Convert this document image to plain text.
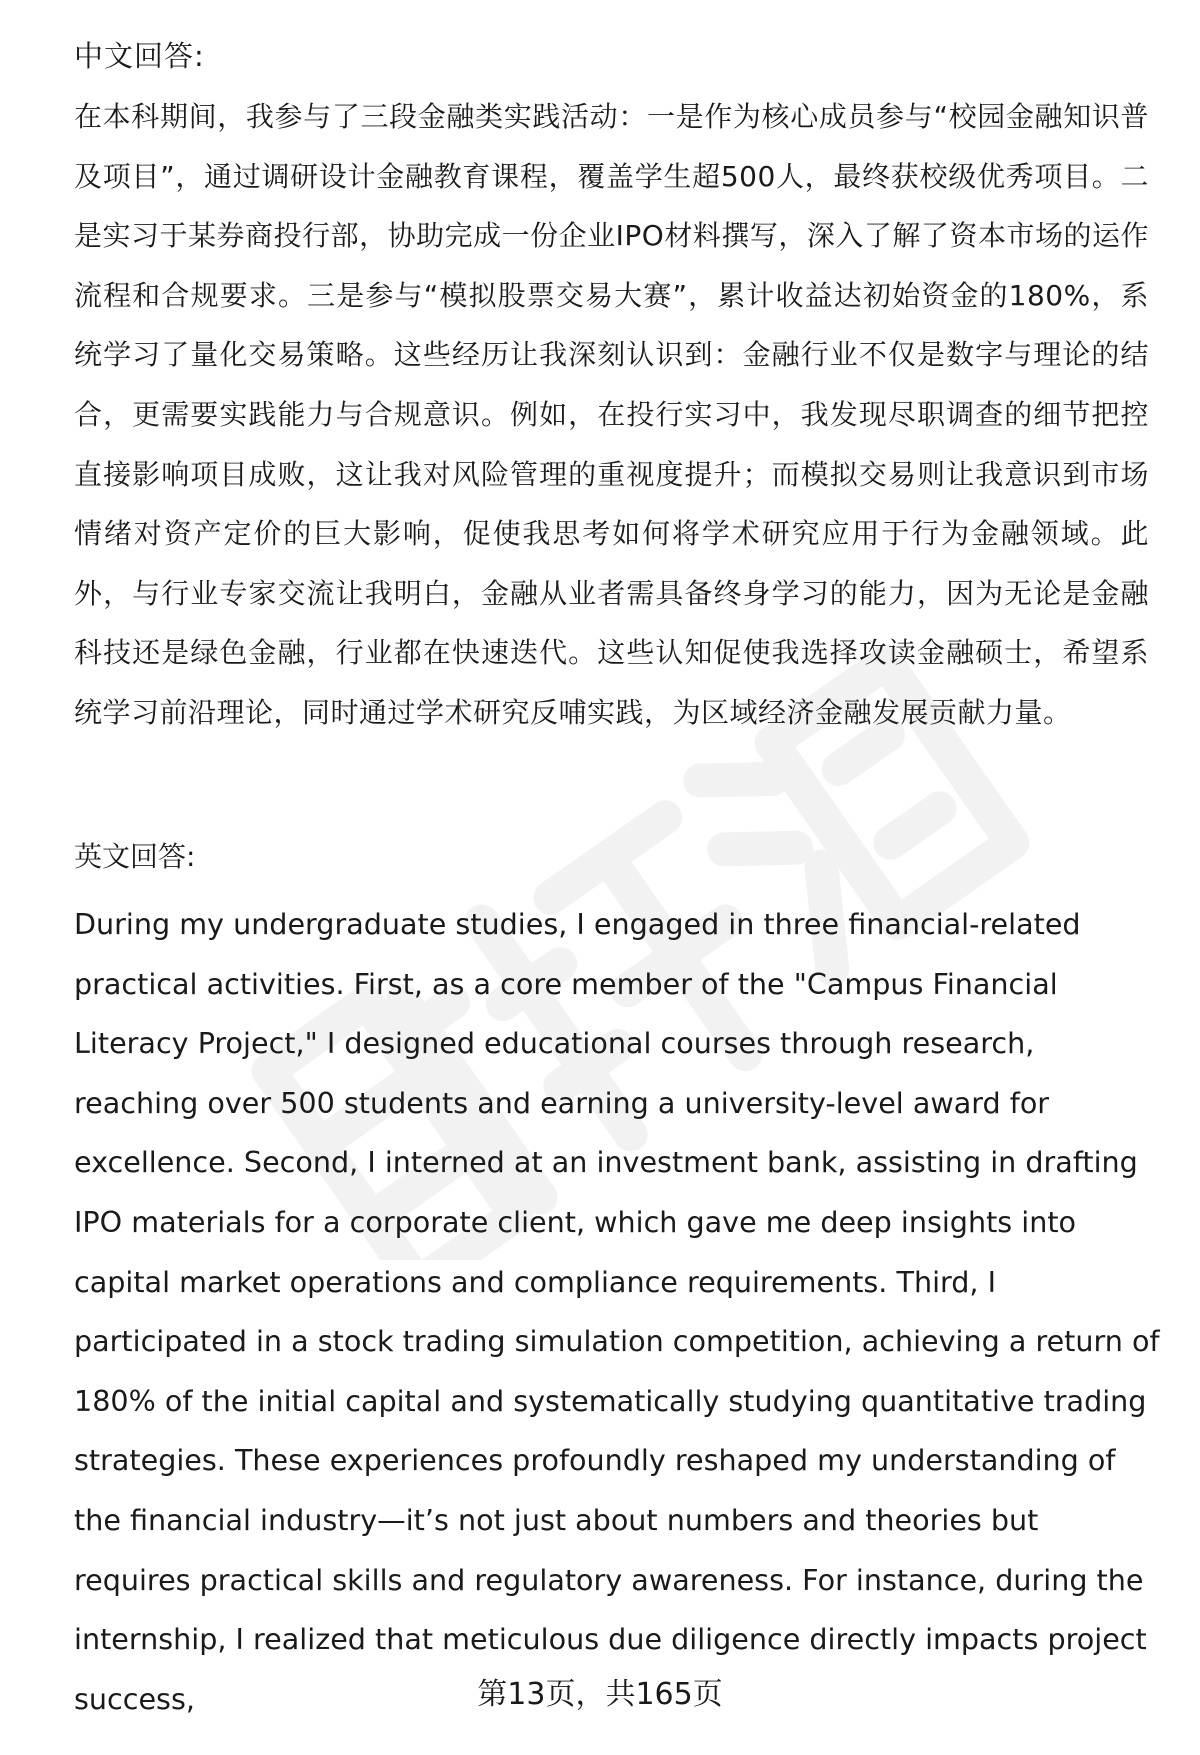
中文回答:

在本科期间，我参与了三段金融类实践活动：一是作为核心成员参与“校园金融知识普及项目”，通过调研设计金融教育课程，覆盖学生超500人，最终获校级优秀项目。二是实习于某券商投行部，协助完成一份企业IPO材料撰写，深入了解了资本市场的运作流程和合规要求。三是参与“模拟股票交易大赛”，累计收益达初始资金的180%，系统学习了量化交易策略。这些经历让我深刻认识到：金融行业不仅是数字与理论的结合，更需要实践能力与合规意识。例如，在投行实习中，我发现尽职调查的细节把控直接影响项目成败，这让我对风险管理的重视度提升；而模拟交易则让我意识到市场情绪对资产定价的巨大影响，促使我思考如何将学术研究应用于行为金融领域。此外，与行业专家交流让我明白，金融从业者需具备终身学习的能力，因为无论是金融科技还是绿色金融，行业都在快速迭代。这些认知促使我选择攻读金融硕士，希望系统学习前沿理论，同时通过学术研究反哺实践，为区域经济金融发展贡献力量。

英文回答:

During my undergraduate studies, I engaged in three financial-related practical activities. First, as a core member of the "Campus Financial Literacy Project," I designed educational courses through research, reaching over 500 students and earning a university-level award for excellence. Second, I interned at an investment bank, assisting in drafting IPO materials for a corporate client, which gave me deep insights into capital market operations and compliance requirements. Third, I participated in a stock trading simulation competition, achieving a return of 180% of the initial capital and systematically studying quantitative trading strategies. These experiences profoundly reshaped my understanding of the financial industry—it’s not just about numbers and theories but requires practical skills and regulatory awareness. For instance, during the internship, I realized that meticulous due diligence directly impacts project success,	第13页，共165页
